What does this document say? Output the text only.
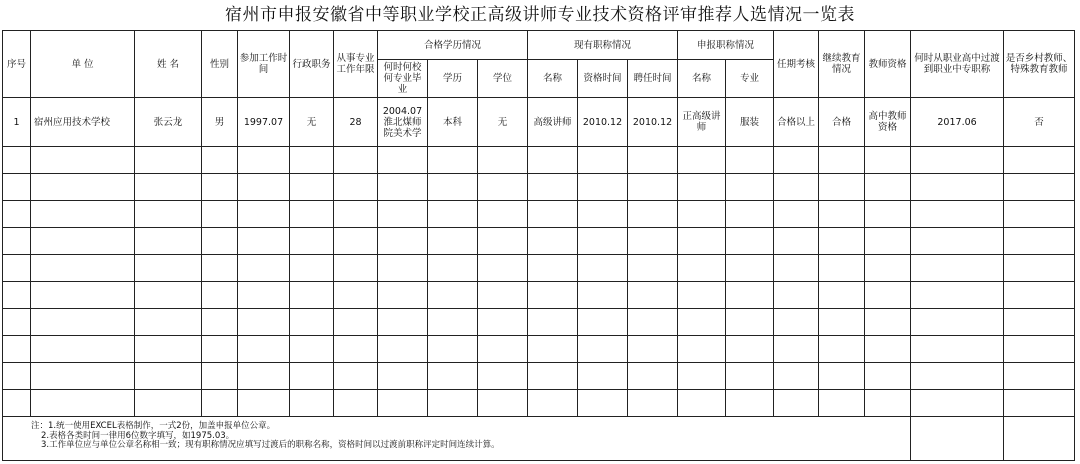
宿州市申报安徽省中等职业学校正高级讲师专业技术资格评审推荐人选情况一览表
序号	单 位	姓 名	性别	参加工作时间	行政职务	从事专业工作年限	合格学历情况			现有职称情况			申报职称情况		任期考核	继续教育情况	教师资格	何时从职业高中过渡到职业中专职称	是否乡村教师、特殊教育教师
							何时何校何专业毕业	学历	学位	名称	资格时间	聘任时间	名称	专业					
1	宿州应用技术学校	张云龙	男	1997.07	无	28	2004.07淮北煤师院美术学	本科	无	高级讲师	2010.12	2010.12	正高级讲师	服装	合格以上	合格	高中教师资格	2017.06	否

注：1.统一使用EXCEL表格制作，一式2份，加盖申报单位公章。
2.表格各类时间一律用6位数字填写，如1975.03。
3.工作单位应与单位公章名称相一致；现有职称情况应填写过渡后的职称名称，资格时间以过渡前职称评定时间连续计算。																			
